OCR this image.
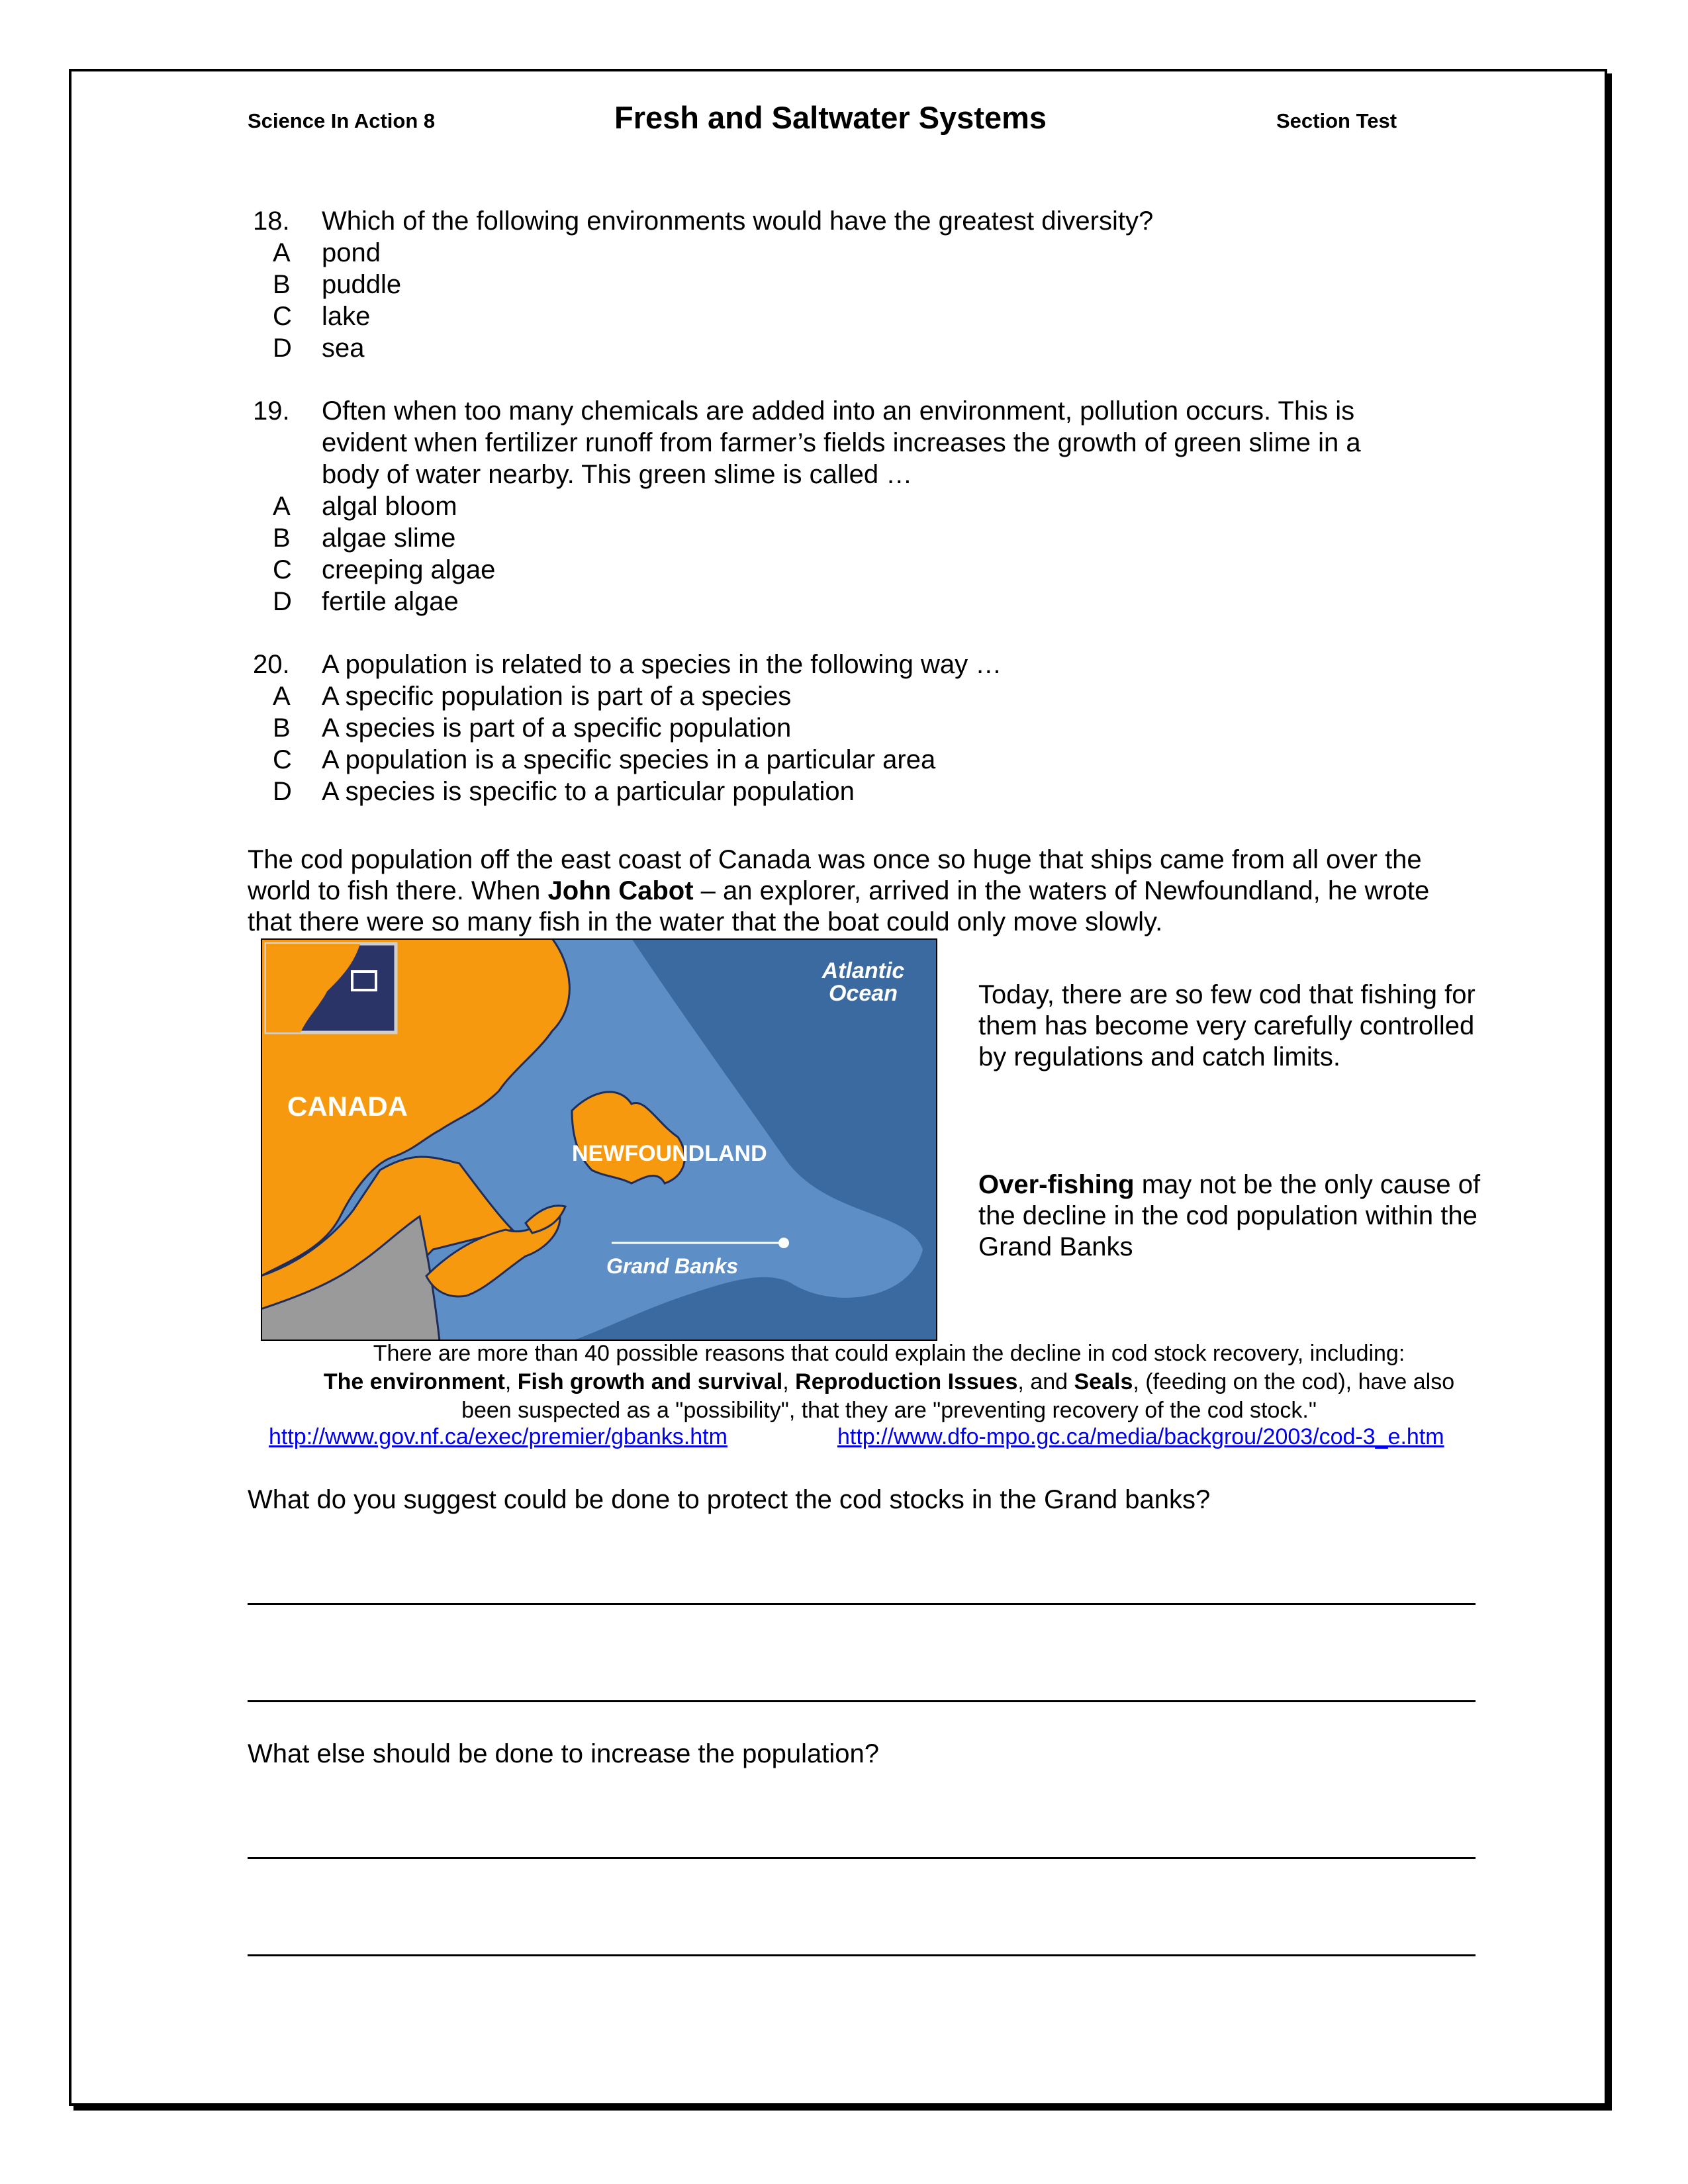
Science In Action 8	Fresh and Saltwater Systems	Section Test
18. Which of the following environments would have the greatest diversity?
A pond
B puddle
C lake
D sea
19. Often when too many chemicals are added into an environment, pollution occurs. This is
evident when fertilizer runoff from farmer’s fields increases the growth of green slime in a
body of water nearby. This green slime is called …
A algal bloom
B algae slime
C creeping algae
D fertile algae
20. A population is related to a species in the following way …
A A specific population is part of a species
B A species is part of a specific population
C A population is a specific species in a particular area
D A species is specific to a particular population
The cod population off the east coast of Canada was once so huge that ships came from all over the
world to fish there. When John Cabot – an explorer, arrived in the waters of Newfoundland, he wrote
that there were so many fish in the water that the boat could only move slowly.
Atlantic
Ocean
CANADA
NEWFOUNDLAND
Grand Banks
Today, there are so few cod that fishing for
them has become very carefully controlled
by regulations and catch limits.
Over-fishing may not be the only cause of
the decline in the cod population within the
Grand Banks
There are more than 40 possible reasons that could explain the decline in cod stock recovery, including:
The environment, Fish growth and survival, Reproduction Issues, and Seals, (feeding on the cod), have also
been suspected as a "possibility", that they are "preventing recovery of the cod stock."
http://www.gov.nf.ca/exec/premier/gbanks.htm	http://www.dfo-mpo.gc.ca/media/backgrou/2003/cod-3_e.htm
What do you suggest could be done to protect the cod stocks in the Grand banks?
What else should be done to increase the population?
